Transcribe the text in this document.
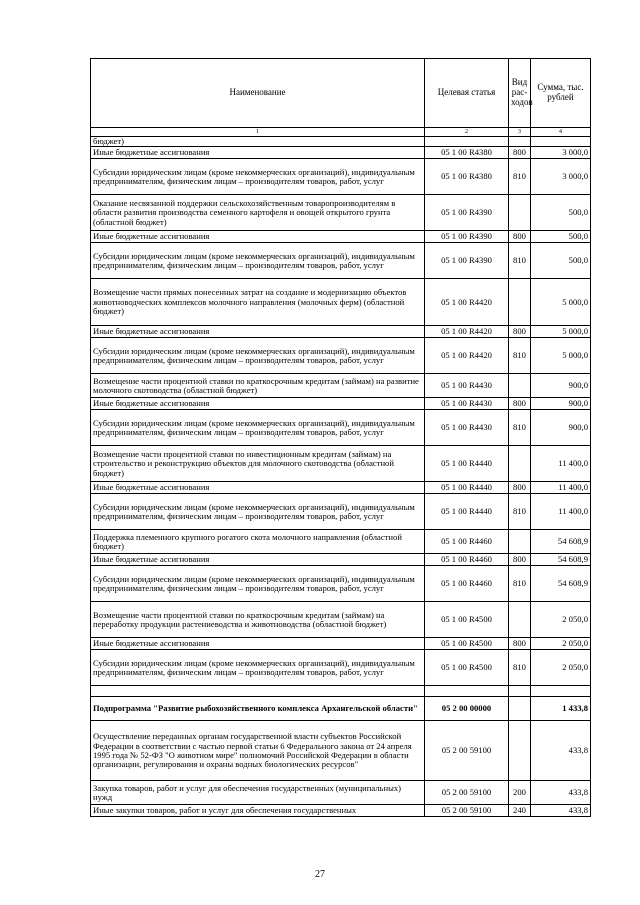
Наименование	Целевая статья	Вид рас-ходов	Сумма, тыс. рублей
1	2	3	4
бюджет)			
Иные бюджетные ассигнования	05 1 00 R4380	800	3 000,0
Субсидии юридическим лицам (кроме некоммерческих организаций), индивидуальным предпринимателям, физическим лицам – производителям товаров, работ, услуг	05 1 00 R4380	810	3 000,0
Оказание несвязанной поддержки сельскохозяйственным товаропроизводителям в области развития производства семенного картофеля и овощей открытого грунта (областной бюджет)	05 1 00 R4390		500,0
Иные бюджетные ассигнования	05 1 00 R4390	800	500,0
Субсидии юридическим лицам (кроме некоммерческих организаций), индивидуальным предпринимателям, физическим лицам – производителям товаров, работ, услуг	05 1 00 R4390	810	500,0
Возмещение части прямых понесенных затрат на создание и модернизацию объектов животноводческих комплексов молочного направления (молочных ферм) (областной бюджет)	05 1 00 R4420		5 000,0
Иные бюджетные ассигнования	05 1 00 R4420	800	5 000,0
Субсидии юридическим лицам (кроме некоммерческих организаций), индивидуальным предпринимателям, физическим лицам – производителям товаров, работ, услуг	05 1 00 R4420	810	5 000,0
Возмещение части процентной ставки по краткосрочным кредитам (займам) на развитие молочного скотоводства (областной бюджет)	05 1 00 R4430		900,0
Иные бюджетные ассигнования	05 1 00 R4430	800	900,0
Субсидии юридическим лицам (кроме некоммерческих организаций), индивидуальным предпринимателям, физическим лицам – производителям товаров, работ, услуг	05 1 00 R4430	810	900,0
Возмещение части процентной ставки по инвестиционным кредитам (займам) на строительство и реконструкцию объектов для молочного скотоводства (областной бюджет)	05 1 00 R4440		11 400,0
Иные бюджетные ассигнования	05 1 00 R4440	800	11 400,0
Субсидии юридическим лицам (кроме некоммерческих организаций), индивидуальным предпринимателям, физическим лицам – производителям товаров, работ, услуг	05 1 00 R4440	810	11 400,0
Поддержка племенного крупного рогатого скота молочного направления (областной бюджет)	05 1 00 R4460		54 608,9
Иные бюджетные ассигнования	05 1 00 R4460	800	54 608,9
Субсидии юридическим лицам (кроме некоммерческих организаций), индивидуальным предпринимателям, физическим лицам – производителям товаров, работ, услуг	05 1 00 R4460	810	54 608,9
Возмещение части процентной ставки по краткосрочным кредитам (займам) на переработку продукции растениеводства и животноводства (областной бюджет)	05 1 00 R4500		2 050,0
Иные бюджетные ассигнования	05 1 00 R4500	800	2 050,0
Субсидии юридическим лицам (кроме некоммерческих организаций), индивидуальным предпринимателям, физическим лицам – производителям товаров, работ, услуг	05 1 00 R4500	810	2 050,0

Подпрограмма "Развитие рыбохозяйственного комплекса Архангельской области"	05 2 00 00000		1 433,8
Осуществление переданных органам государственной власти субъектов Российской Федерации в соответствии с частью первой статьи 6 Федерального закона от 24 апреля 1995 года № 52-ФЗ "О животном мире" полномочий Российской Федерации в области организации, регулирования и охраны водных биологических ресурсов"	05 2 00 59100		433,8
Закупка товаров, работ и услуг для обеспечения государственных (муниципальных) нужд	05 2 00 59100	200	433,8
Иные закупки товаров, работ и услуг для обеспечения государственных	05 2 00 59100	240	433,8
27
